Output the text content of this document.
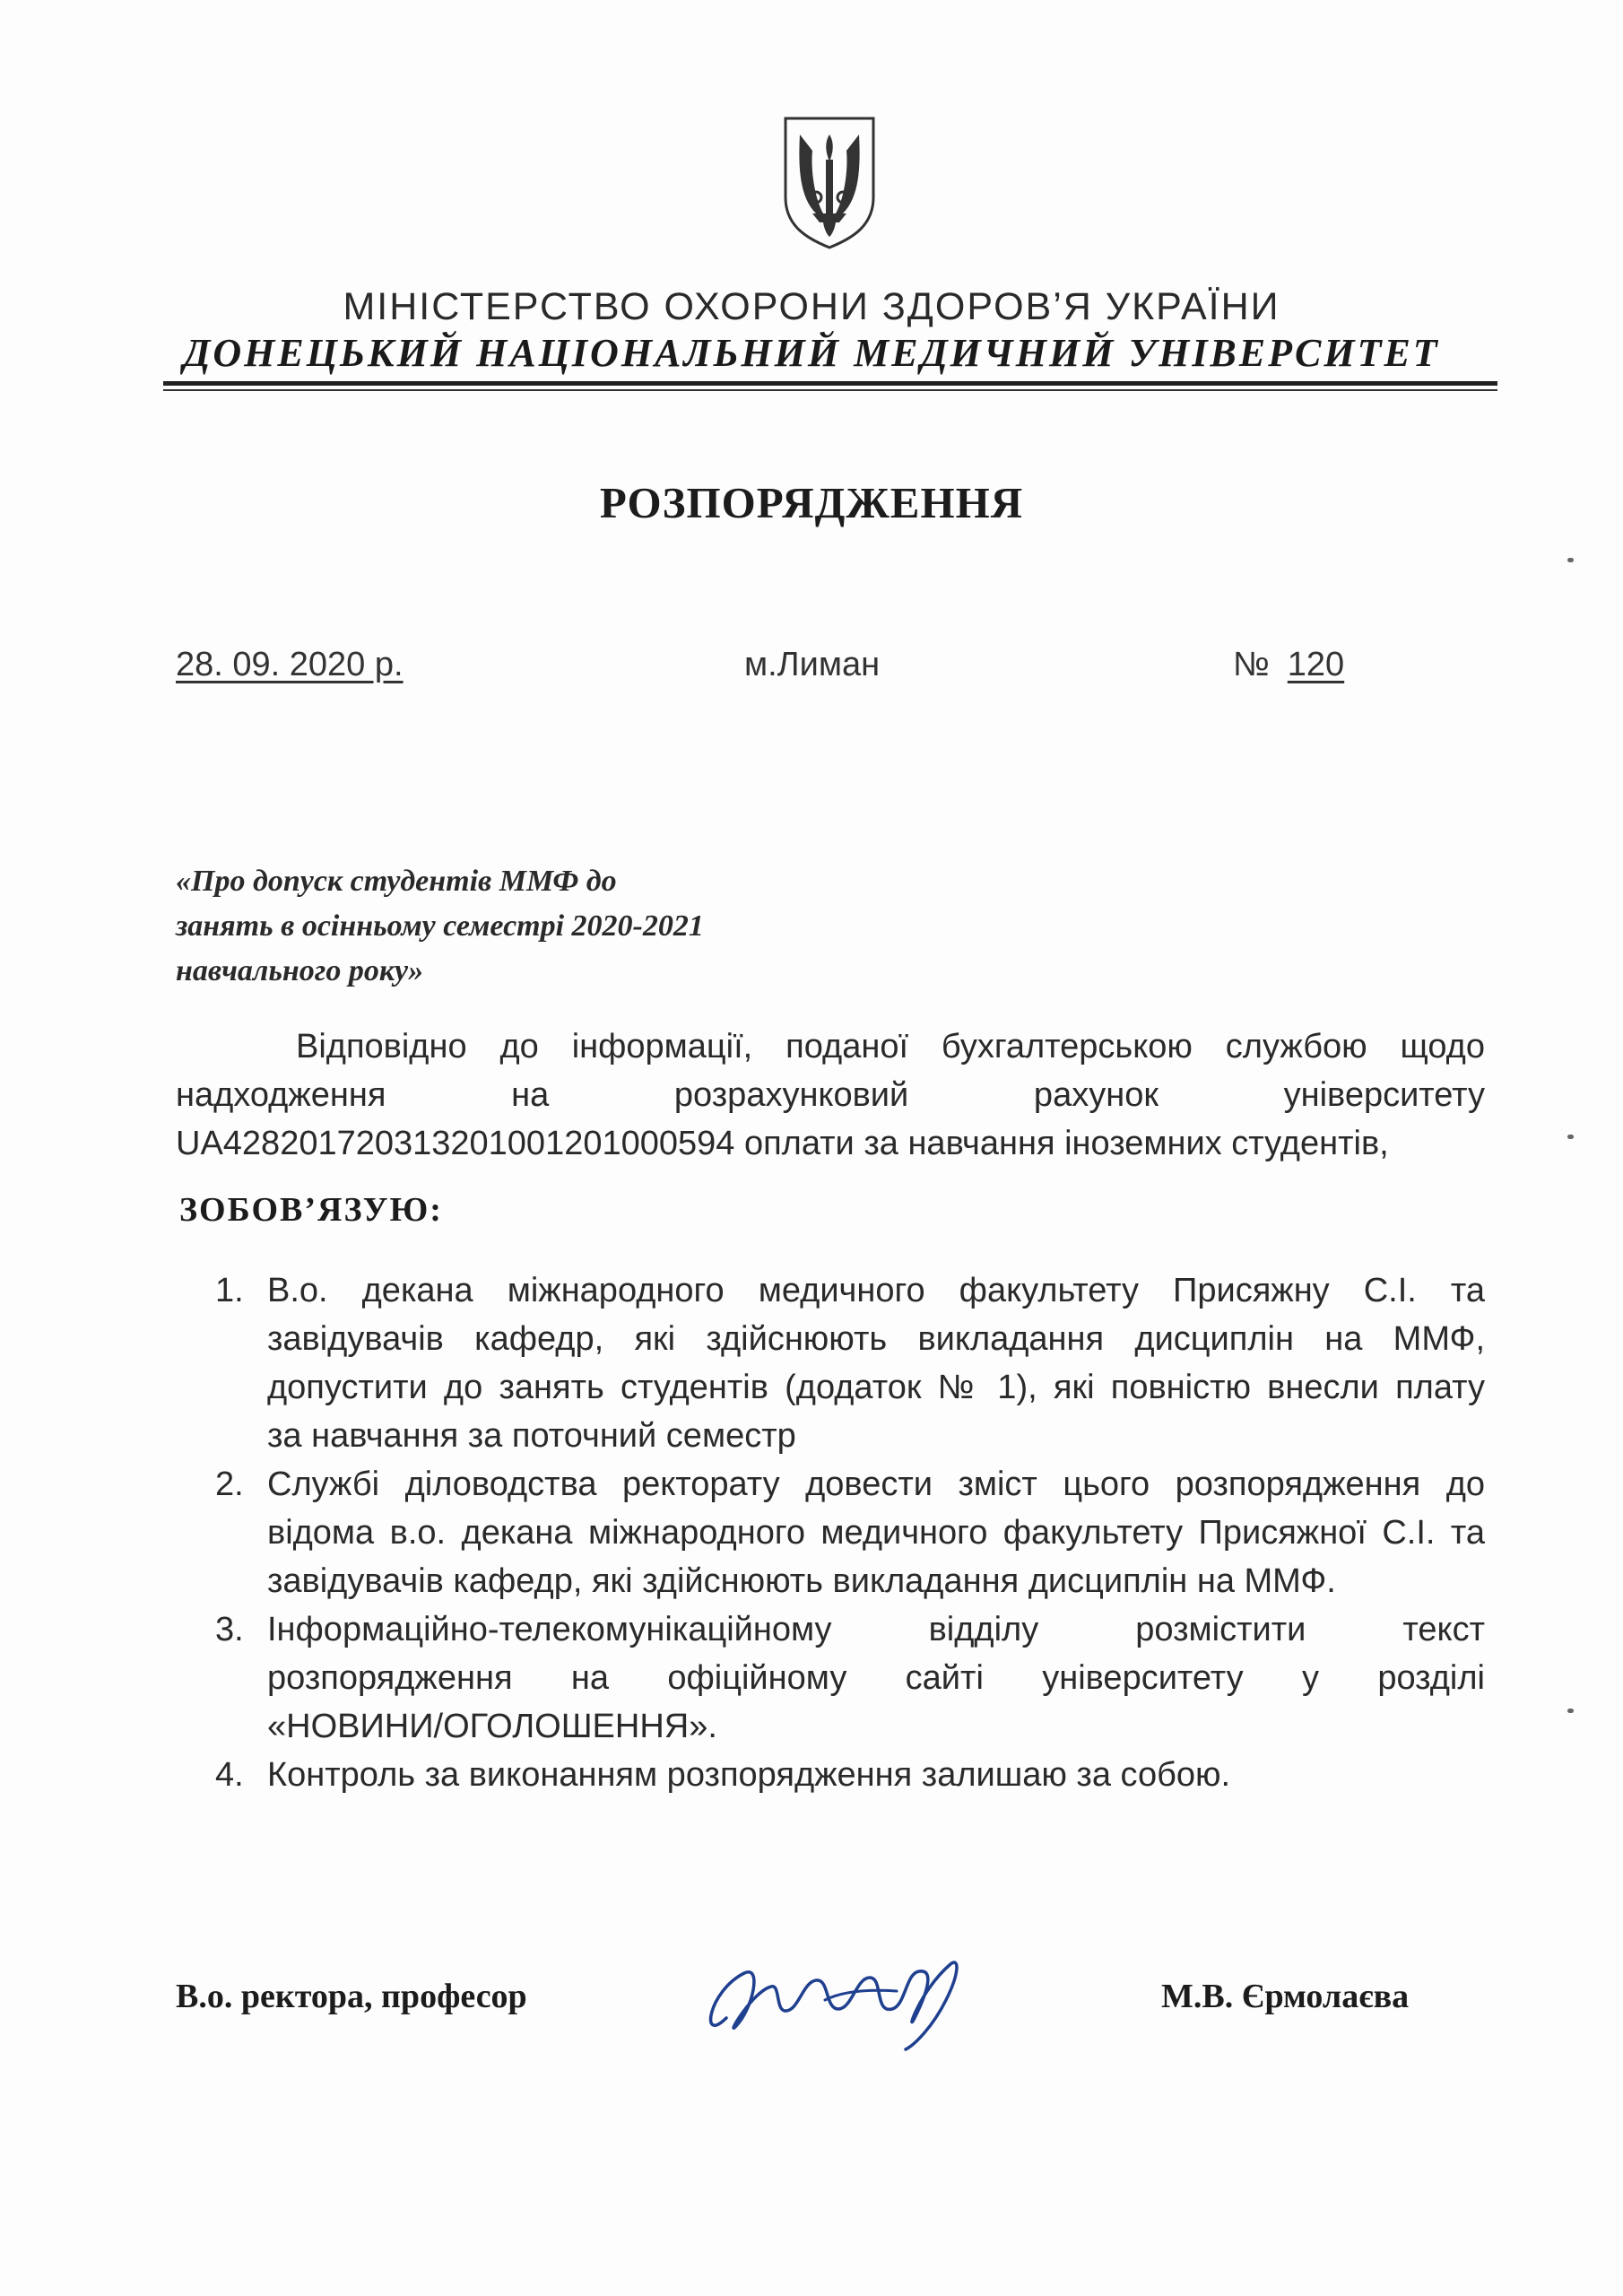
МІНІСТЕРСТВО ОХОРОНИ ЗДОРОВ’Я УКРАЇНИ
ДОНЕЦЬКИЙ НАЦІОНАЛЬНИЙ МЕДИЧНИЙ УНІВЕРСИТЕТ
РОЗПОРЯДЖЕННЯ
28. 09. 2020 р.	м.Лиман	№ 120
«Про допуск студентів ММФ до
занять в осінньому семестрі 2020-2021
навчального року»
Відповідно до інформації, поданої бухгалтерською службою щодо
надходження на розрахунковий рахунок університету
UA428201720313201001201000594 оплати за навчання іноземних студентів,
ЗОБОВ’ЯЗУЮ:
1. В.о. декана міжнародного медичного факультету Присяжну С.І. та
завідувачів кафедр, які здійснюють викладання дисциплін на ММФ,
допустити до занять студентів (додаток № 1), які повністю внесли плату
за навчання за поточний семестр
2. Службі діловодства ректорату довести зміст цього розпорядження до
відома в.о. декана міжнародного медичного факультету Присяжної С.І. та
завідувачів кафедр, які здійснюють викладання дисциплін на ММФ.
3. Інформаційно-телекомунікаційному відділу розмістити текст
розпорядження на офіційному сайті університету у розділі
«НОВИНИ/ОГОЛОШЕННЯ».
4. Контроль за виконанням розпорядження залишаю за собою.
В.о. ректора, професор	М.В. Єрмолаєва
